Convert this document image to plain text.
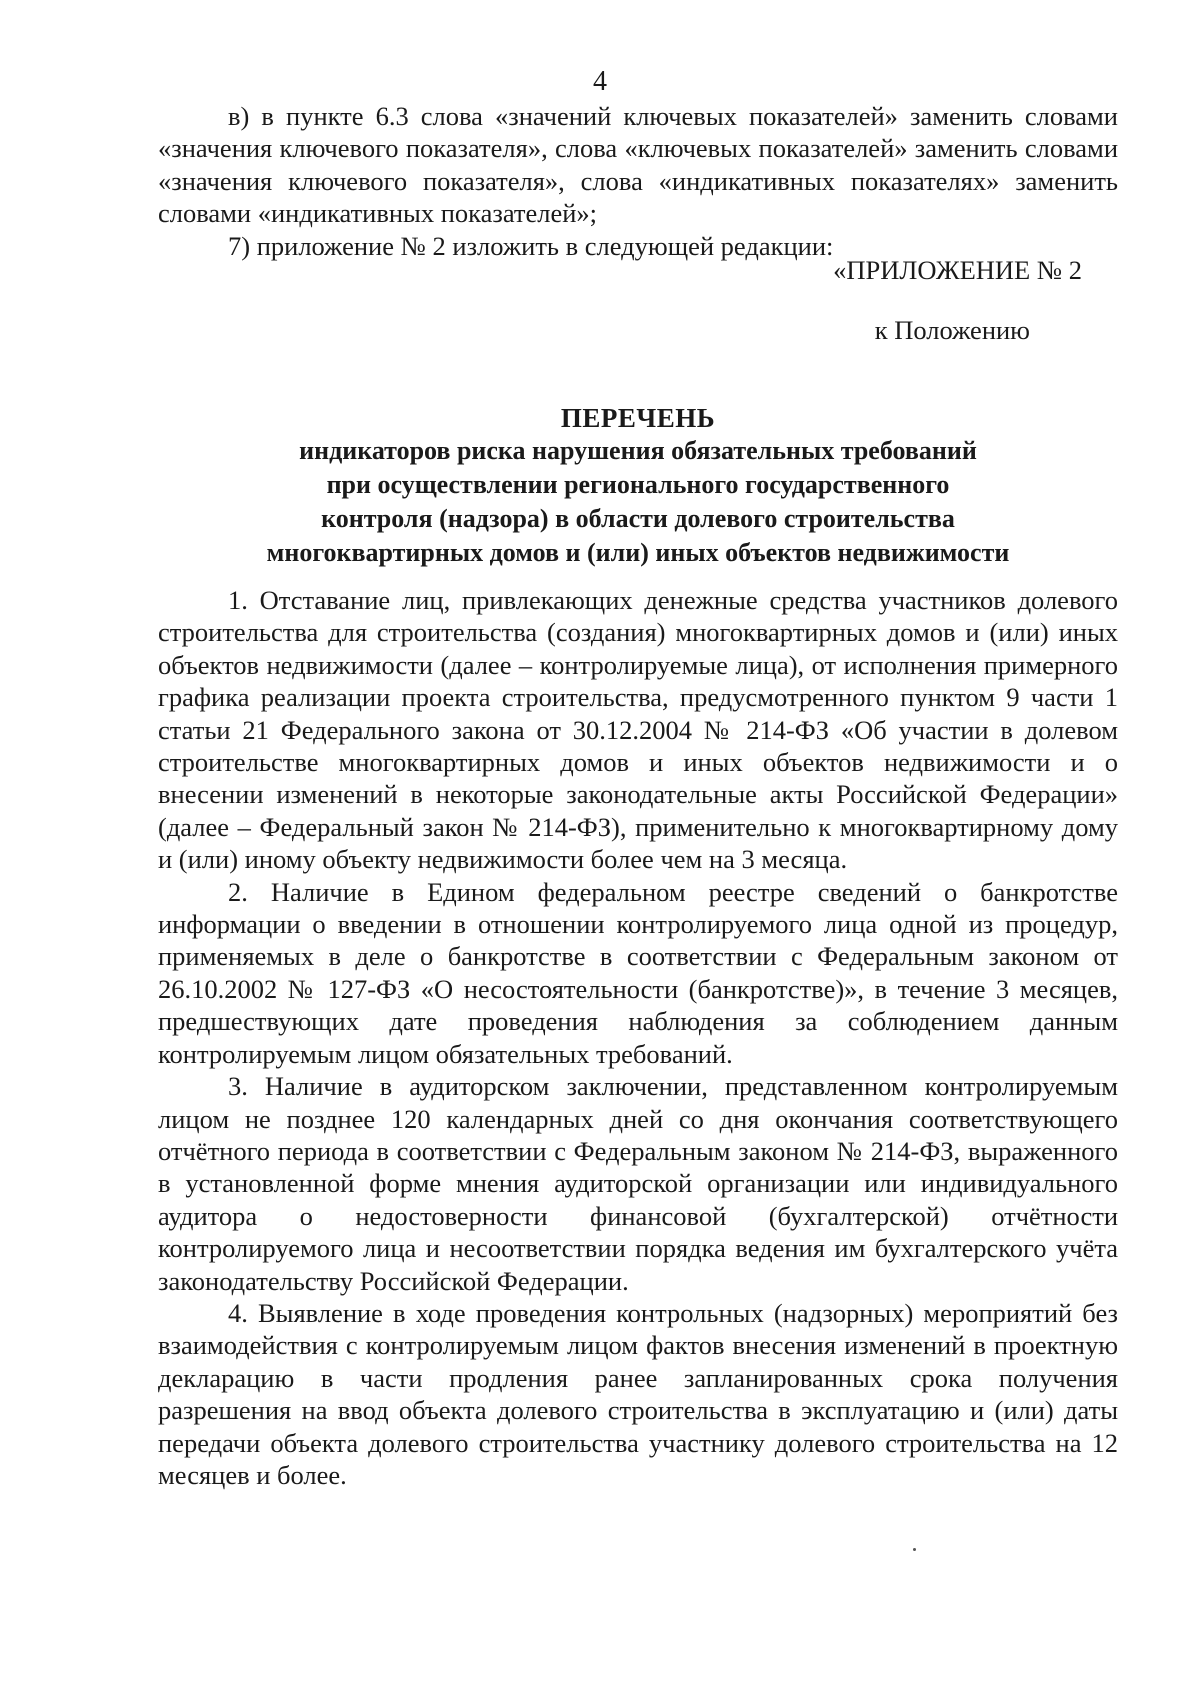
4

в) в пункте 6.3 слова «значений ключевых показателей» заменить словами «значения ключевого показателя», слова «ключевых показателей» заменить словами «значения ключевого показателя», слова «индикативных показателях» заменить словами «индикативных показателей»;

7) приложение № 2 изложить в следующей редакции:

«ПРИЛОЖЕНИЕ № 2

к Положению

ПЕРЕЧЕНЬ

индикаторов риска нарушения обязательных требований

при осуществлении регионального государственного

контроля (надзора) в области долевого строительства

многоквартирных домов и (или) иных объектов недвижимости

1. Отставание лиц, привлекающих денежные средства участников долевого строительства для строительства (создания) многоквартирных домов и (или) иных объектов недвижимости (далее – контролируемые лица), от исполнения примерного графика реализации проекта строительства, предусмотренного пунктом 9 части 1 статьи 21 Федерального закона от 30.12.2004 № 214-ФЗ «Об участии в долевом строительстве многоквартирных домов и иных объектов недвижимости и о внесении изменений в некоторые законодательные акты Российской Федерации» (далее – Федеральный закон № 214-ФЗ), применительно к многоквартирному дому и (или) иному объекту недвижимости более чем на 3 месяца.

2. Наличие в Едином федеральном реестре сведений о банкротстве информации о введении в отношении контролируемого лица одной из процедур, применяемых в деле о банкротстве в соответствии с Федеральным законом от 26.10.2002 № 127-ФЗ «О несостоятельности (банкротстве)», в течение 3 месяцев, предшествующих дате проведения наблюдения за соблюдением данным контролируемым лицом обязательных требований.

3. Наличие в аудиторском заключении, представленном контролируемым лицом не позднее 120 календарных дней со дня окончания соответствующего отчётного периода в соответствии с Федеральным законом № 214-ФЗ, выраженного в установленной форме мнения аудиторской организации или индивидуального аудитора о недостоверности финансовой (бухгалтерской) отчётности контролируемого лица и несоответствии порядка ведения им бухгалтерского учёта законодательству Российской Федерации.

4. Выявление в ходе проведения контрольных (надзорных) мероприятий без взаимодействия с контролируемым лицом фактов внесения изменений в проектную декларацию в части продления ранее запланированных срока получения разрешения на ввод объекта долевого строительства в эксплуатацию и (или) даты передачи объекта долевого строительства участнику долевого строительства на 12 месяцев и более.
